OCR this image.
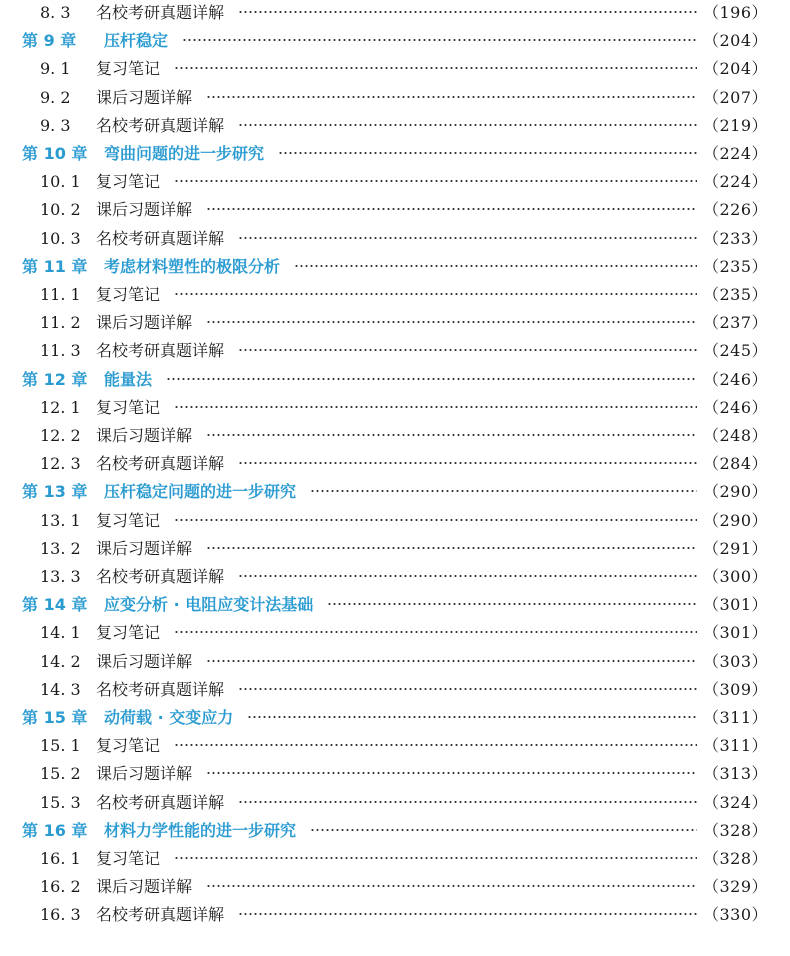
8. 3 名校考研真题详解	（196）
第 9 章 压杆稳定	（204）
9. 1 复习笔记	（204）
9. 2 课后习题详解	（207）
9. 3 名校考研真题详解	（219）
第 10 章 弯曲问题的进一步研究	（224）
10. 1 复习笔记	（224）
10. 2 课后习题详解	（226）
10. 3 名校考研真题详解	（233）
第 11 章 考虑材料塑性的极限分析	（235）
11. 1 复习笔记	（235）
11. 2 课后习题详解	（237）
11. 3 名校考研真题详解	（245）
第 12 章 能量法	（246）
12. 1 复习笔记	（246）
12. 2 课后习题详解	（248）
12. 3 名校考研真题详解	（284）
第 13 章 压杆稳定问题的进一步研究	（290）
13. 1 复习笔记	（290）
13. 2 课后习题详解	（291）
13. 3 名校考研真题详解	（300）
第 14 章 应变分析 · 电阻应变计法基础	（301）
14. 1 复习笔记	（301）
14. 2 课后习题详解	（303）
14. 3 名校考研真题详解	（309）
第 15 章 动荷载 · 交变应力	（311）
15. 1 复习笔记	（311）
15. 2 课后习题详解	（313）
15. 3 名校考研真题详解	（324）
第 16 章 材料力学性能的进一步研究	（328）
16. 1 复习笔记	（328）
16. 2 课后习题详解	（329）
16. 3 名校考研真题详解	（330）
